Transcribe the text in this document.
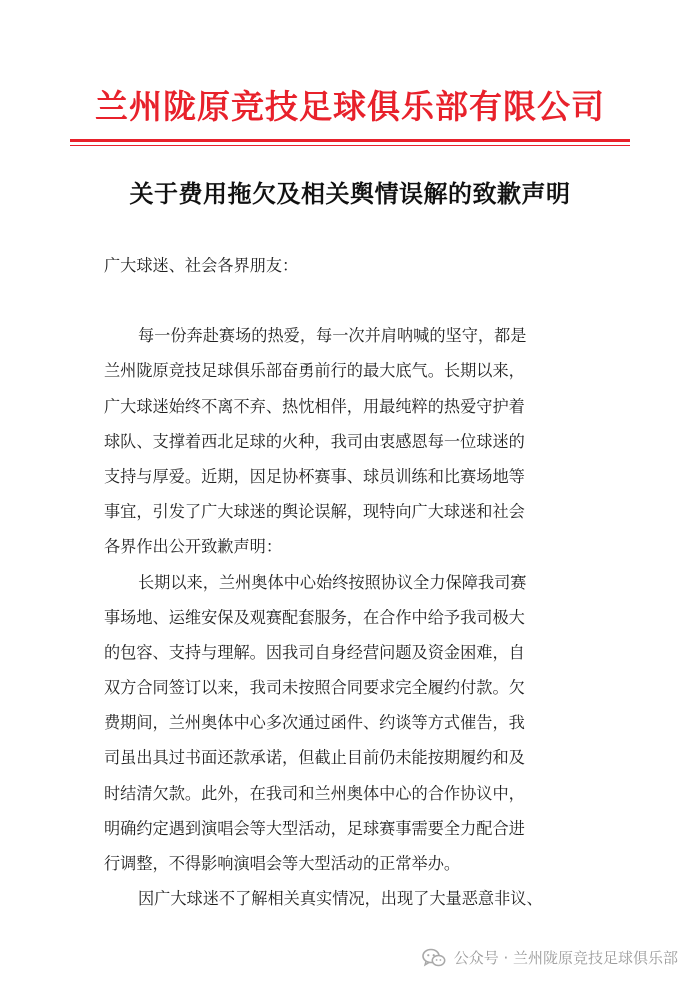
兰州陇原竞技足球俱乐部有限公司
关于费用拖欠及相关舆情误解的致歉声明
广大球迷、社会各界朋友：
每一份奔赴赛场的热爱，每一次并肩呐喊的坚守，都是
兰州陇原竞技足球俱乐部奋勇前行的最大底气。长期以来，
广大球迷始终不离不弃、热忱相伴，用最纯粹的热爱守护着
球队、支撑着西北足球的火种，我司由衷感恩每一位球迷的
支持与厚爱。近期，因足协杯赛事、球员训练和比赛场地等
事宜，引发了广大球迷的舆论误解，现特向广大球迷和社会
各界作出公开致歉声明：
长期以来，兰州奥体中心始终按照协议全力保障我司赛
事场地、运维安保及观赛配套服务，在合作中给予我司极大
的包容、支持与理解。因我司自身经营问题及资金困难，自
双方合同签订以来，我司未按照合同要求完全履约付款。欠
费期间，兰州奥体中心多次通过函件、约谈等方式催告，我
司虽出具过书面还款承诺，但截止目前仍未能按期履约和及
时结清欠款。此外，在我司和兰州奥体中心的合作协议中，
明确约定遇到演唱会等大型活动，足球赛事需要全力配合进
行调整，不得影响演唱会等大型活动的正常举办。
因广大球迷不了解相关真实情况，出现了大量恶意非议、
公众号 · 兰州陇原竞技足球俱乐部
